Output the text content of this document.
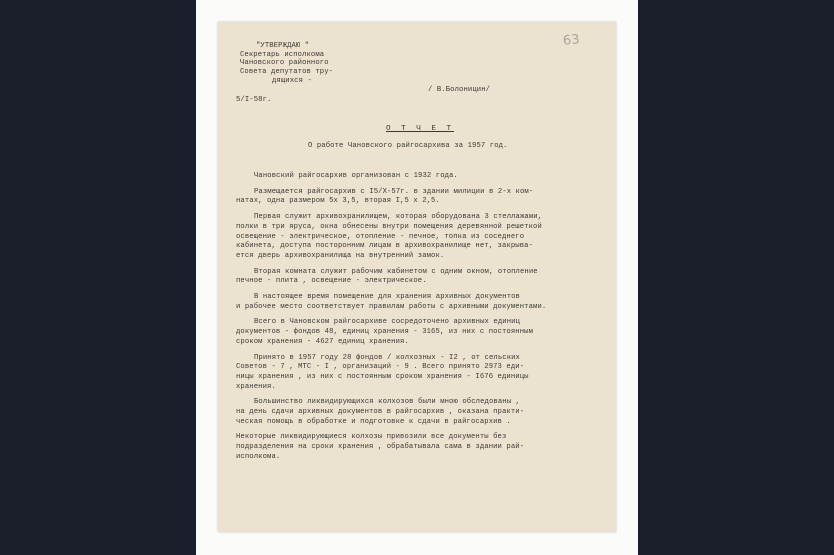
63
"УТВЕРЖДАЮ "
Секретарь исполкома
Чановского районного
Совета депутатов тру-
дящихся -
5/I-58г.
/ В.Болоницин/
О Т Ч Е Т
О работе Чановского райгосархива за 1957 год.
Чановский райгосархив организован с 1932 года.
Размещается райгосархив с I5/X-57г. в здании милиции в 2-х ком-
натах, одна размером 5х 3,5, вторая I,5 х 2,5.
Первая служит архивохранилищем, которая оборудована 3 стеллажами,
полки в три яруса, окна обнесены внутри помещения деревянной решеткой
освещение - электрическое, отопление - печное, топка из соседнего
кабинета, доступа посторонним лицам в архивохранилище нет, закрыва-
ется дверь архивохранилища на внутренний замок.
Вторая комната служит рабочим кабинетом с одним окном, отопление
печное - плита , освещение - электрическое.
В настоящее время помещение для хранения архивных документов
и рабочее место соответствует правилам работы с архивными документами.
Всего в Чановском райгосархиве сосредоточено архивных единиц
документов - фондов 48, единиц хранения - 3165, из них с постоянным
сроком хранения - 4627 единиц хранения.
Принято в 1957 году 28 фондов / колхозных - I2 , от сельских
Советов - 7 , МТС - I , организаций - 9 . Всего принято 2973 еди-
ницы хранения , из них с постоянным сроком хранения - I676 единицы
хранения.
Большинство ликвидирующихся колхозов были мною обследованы ,
на день сдачи архивных документов в райгосархив , оказана практи-
ческая помощь в обработке и подготовке к сдачи в райгосархив .
Некоторые ликвидирующиеся колхозы привозили все документы без
подразделения на сроки хранения , обрабатывала сама в здании рай-
исполкома.
